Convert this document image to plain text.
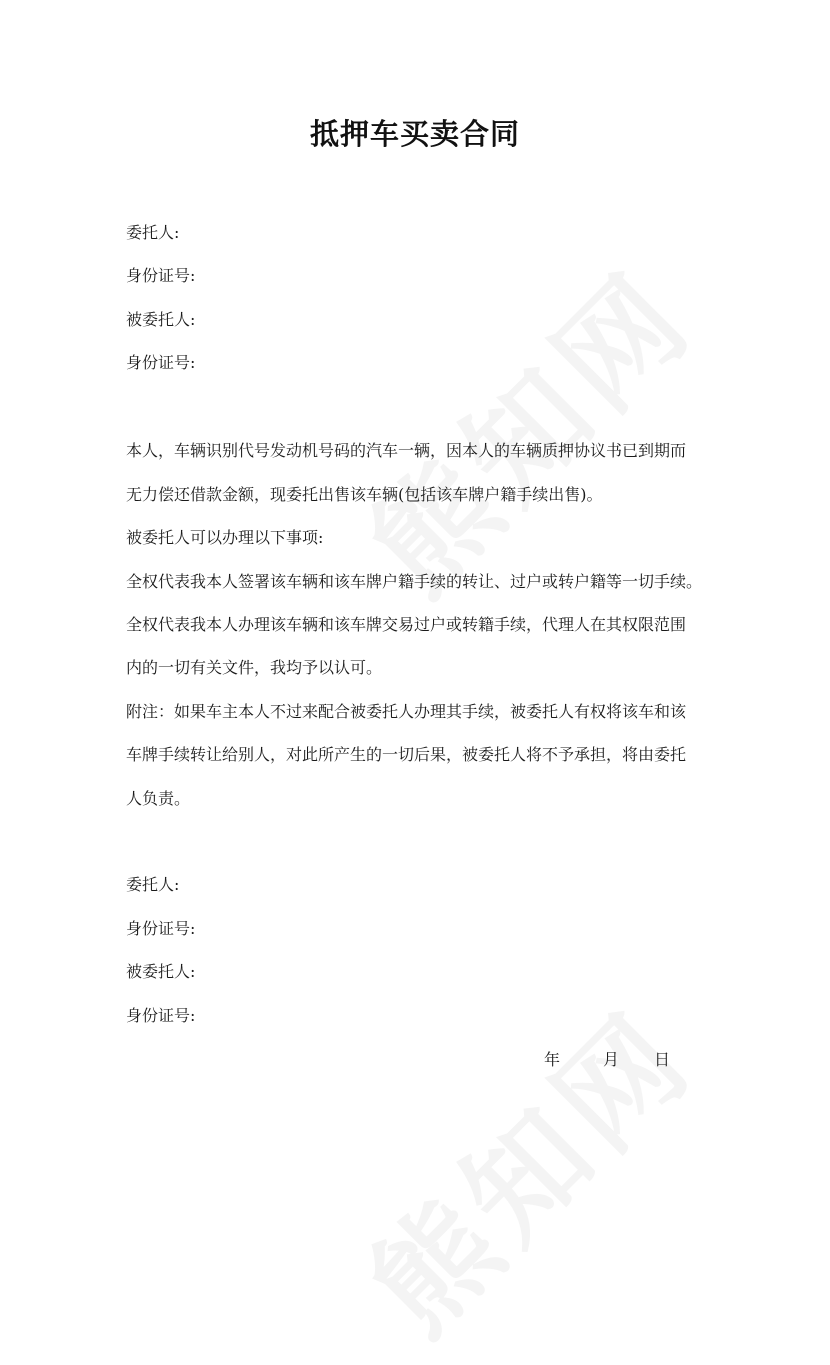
抵押车买卖合同
委托人:
身份证号:
被委托人:
身份证号:
本人，车辆识别代号发动机号码的汽车一辆，因本人的车辆质押协议书已到期而
无力偿还借款金额，现委托出售该车辆(包括该车牌户籍手续出售)。
被委托人可以办理以下事项:
全权代表我本人签署该车辆和该车牌户籍手续的转让、过户或转户籍等一切手续。
全权代表我本人办理该车辆和该车牌交易过户或转籍手续，代理人在其权限范围
内的一切有关文件，我均予以认可。
附注：如果车主本人不过来配合被委托人办理其手续，被委托人有权将该车和该
车牌手续转让给别人，对此所产生的一切后果，被委托人将不予承担，将由委托
人负责。
委托人:
身份证号:
被委托人:
身份证号:
年	月 日
